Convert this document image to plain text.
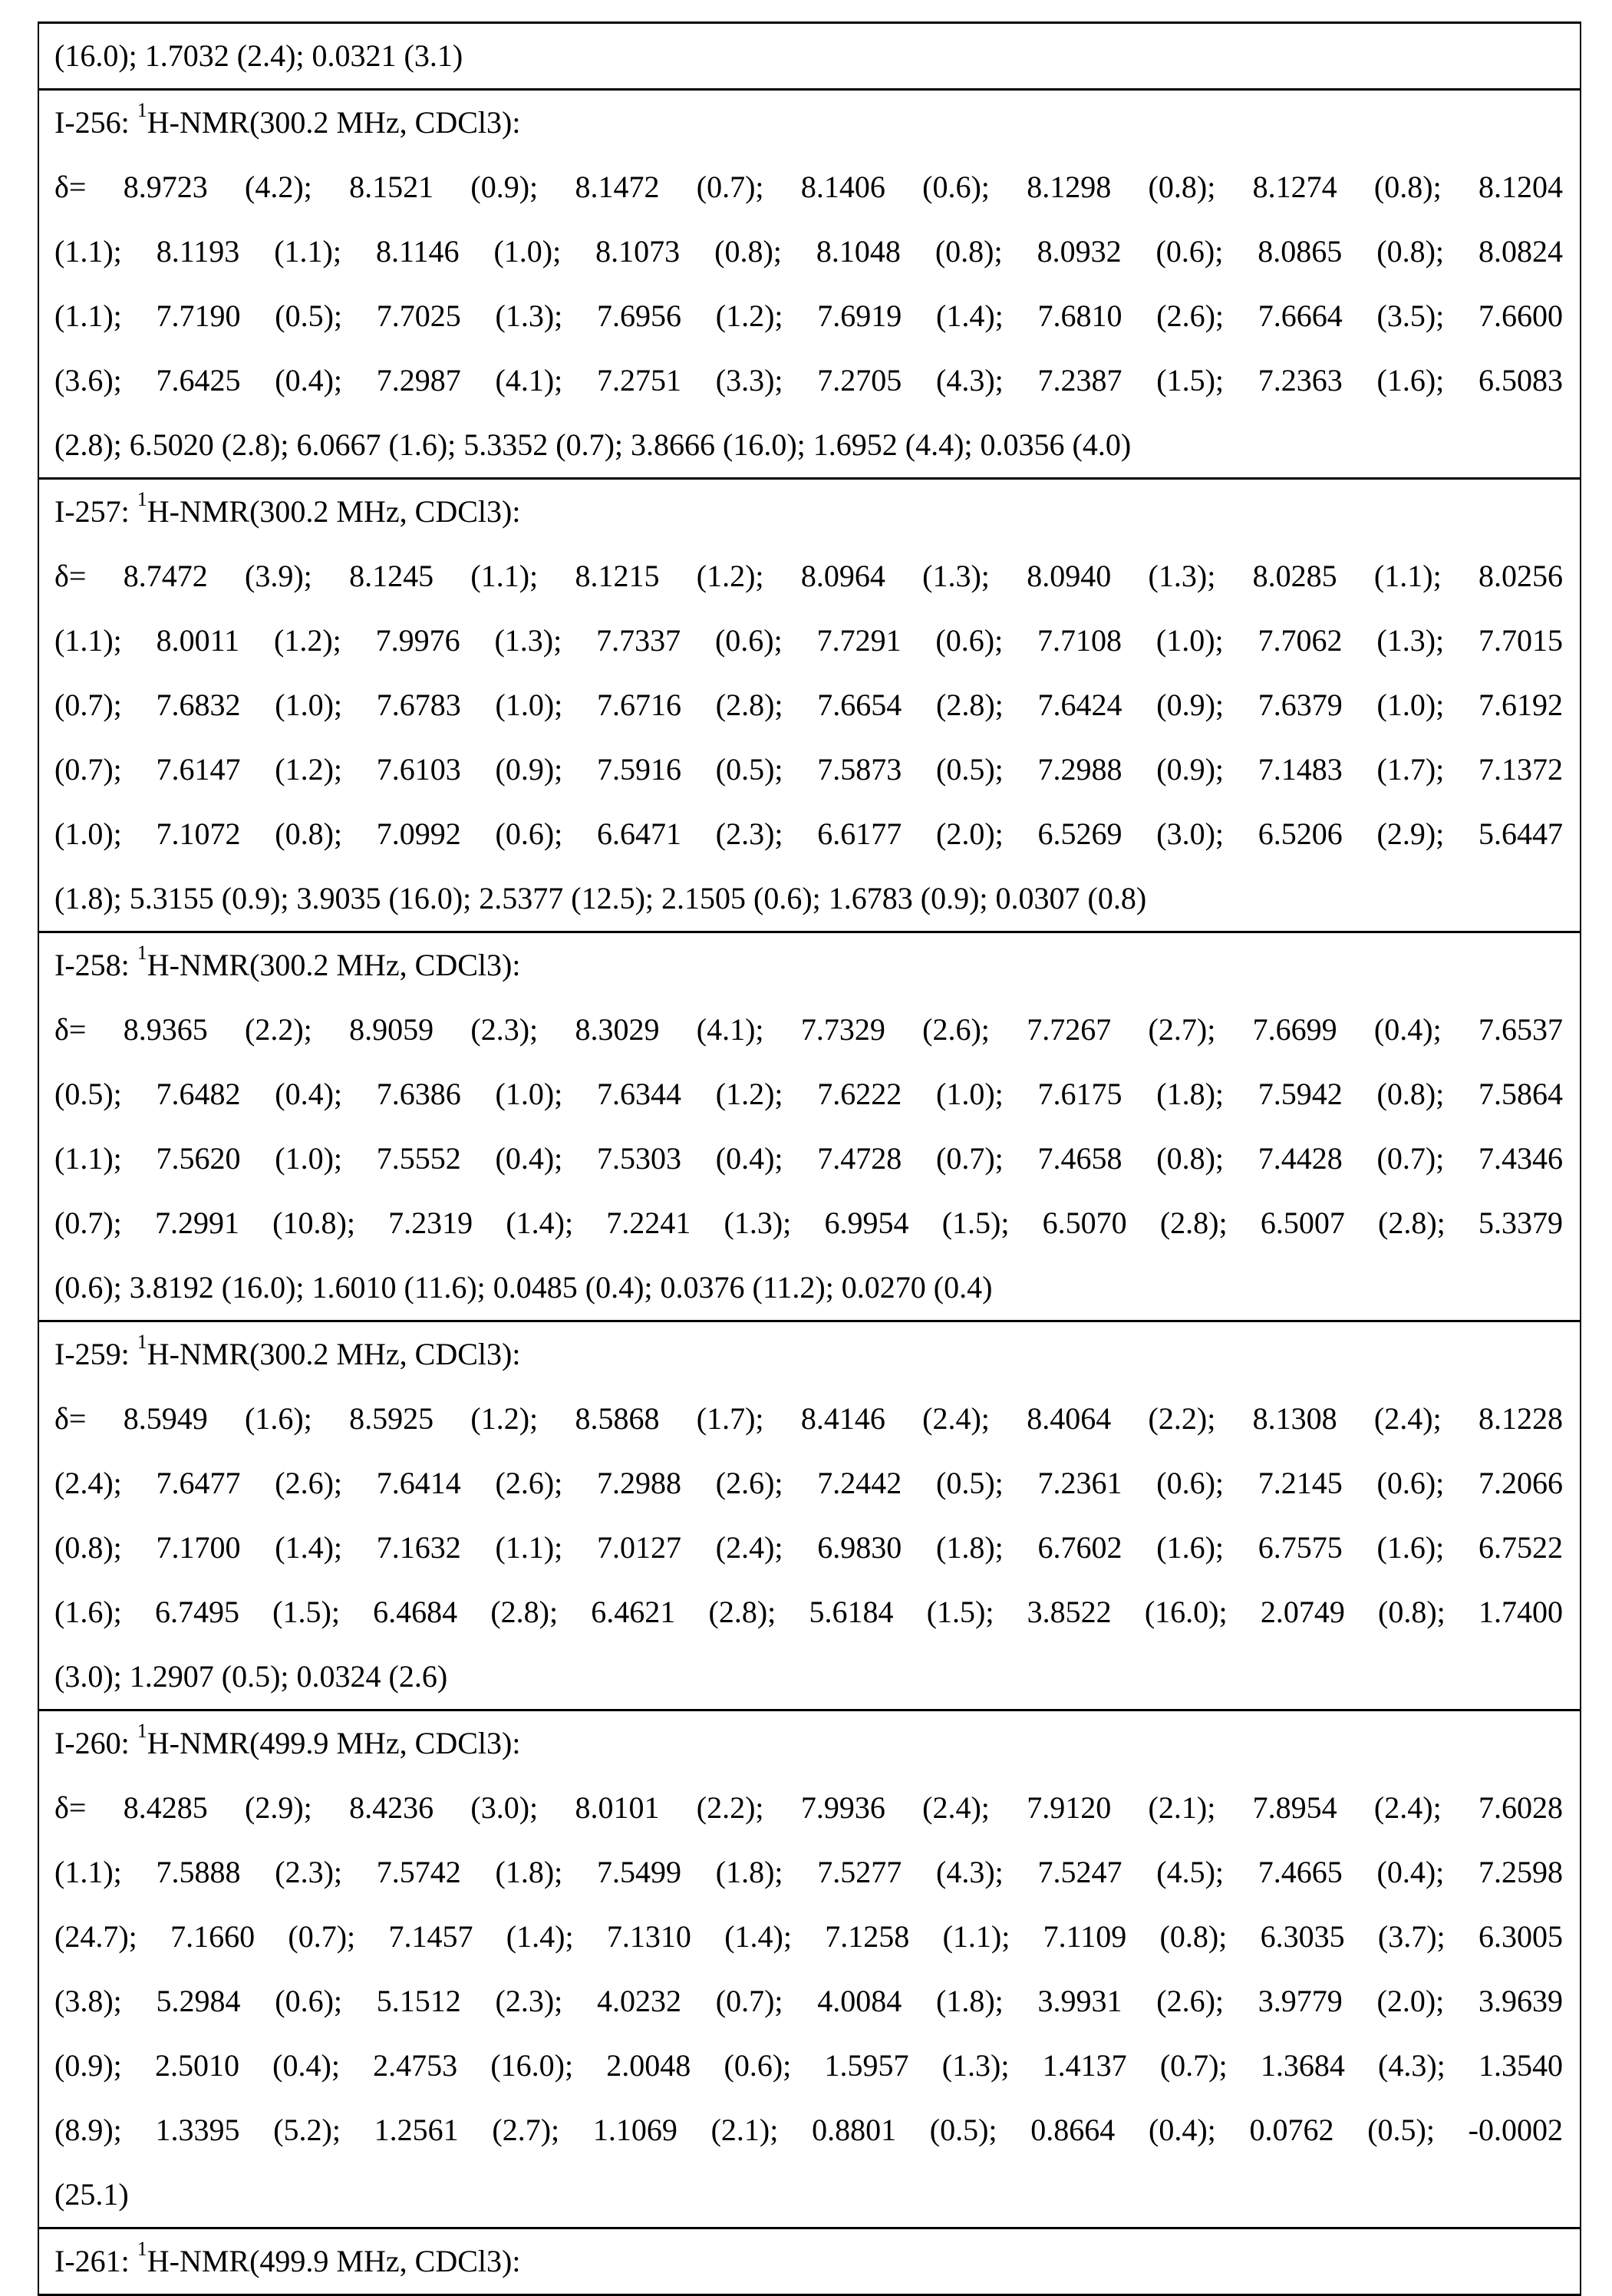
(16.0); 1.7032 (2.4); 0.0321 (3.1)
I-256: 1H-NMR(300.2 MHz, CDCl3):
δ= 8.9723 (4.2); 8.1521 (0.9); 8.1472 (0.7); 8.1406 (0.6); 8.1298 (0.8); 8.1274 (0.8); 8.1204
(1.1); 8.1193 (1.1); 8.1146 (1.0); 8.1073 (0.8); 8.1048 (0.8); 8.0932 (0.6); 8.0865 (0.8); 8.0824
(1.1); 7.7190 (0.5); 7.7025 (1.3); 7.6956 (1.2); 7.6919 (1.4); 7.6810 (2.6); 7.6664 (3.5); 7.6600
(3.6); 7.6425 (0.4); 7.2987 (4.1); 7.2751 (3.3); 7.2705 (4.3); 7.2387 (1.5); 7.2363 (1.6); 6.5083
(2.8); 6.5020 (2.8); 6.0667 (1.6); 5.3352 (0.7); 3.8666 (16.0); 1.6952 (4.4); 0.0356 (4.0)
I-257: 1H-NMR(300.2 MHz, CDCl3):
δ= 8.7472 (3.9); 8.1245 (1.1); 8.1215 (1.2); 8.0964 (1.3); 8.0940 (1.3); 8.0285 (1.1); 8.0256
(1.1); 8.0011 (1.2); 7.9976 (1.3); 7.7337 (0.6); 7.7291 (0.6); 7.7108 (1.0); 7.7062 (1.3); 7.7015
(0.7); 7.6832 (1.0); 7.6783 (1.0); 7.6716 (2.8); 7.6654 (2.8); 7.6424 (0.9); 7.6379 (1.0); 7.6192
(0.7); 7.6147 (1.2); 7.6103 (0.9); 7.5916 (0.5); 7.5873 (0.5); 7.2988 (0.9); 7.1483 (1.7); 7.1372
(1.0); 7.1072 (0.8); 7.0992 (0.6); 6.6471 (2.3); 6.6177 (2.0); 6.5269 (3.0); 6.5206 (2.9); 5.6447
(1.8); 5.3155 (0.9); 3.9035 (16.0); 2.5377 (12.5); 2.1505 (0.6); 1.6783 (0.9); 0.0307 (0.8)
I-258: 1H-NMR(300.2 MHz, CDCl3):
δ= 8.9365 (2.2); 8.9059 (2.3); 8.3029 (4.1); 7.7329 (2.6); 7.7267 (2.7); 7.6699 (0.4); 7.6537
(0.5); 7.6482 (0.4); 7.6386 (1.0); 7.6344 (1.2); 7.6222 (1.0); 7.6175 (1.8); 7.5942 (0.8); 7.5864
(1.1); 7.5620 (1.0); 7.5552 (0.4); 7.5303 (0.4); 7.4728 (0.7); 7.4658 (0.8); 7.4428 (0.7); 7.4346
(0.7); 7.2991 (10.8); 7.2319 (1.4); 7.2241 (1.3); 6.9954 (1.5); 6.5070 (2.8); 6.5007 (2.8); 5.3379
(0.6); 3.8192 (16.0); 1.6010 (11.6); 0.0485 (0.4); 0.0376 (11.2); 0.0270 (0.4)
I-259: 1H-NMR(300.2 MHz, CDCl3):
δ= 8.5949 (1.6); 8.5925 (1.2); 8.5868 (1.7); 8.4146 (2.4); 8.4064 (2.2); 8.1308 (2.4); 8.1228
(2.4); 7.6477 (2.6); 7.6414 (2.6); 7.2988 (2.6); 7.2442 (0.5); 7.2361 (0.6); 7.2145 (0.6); 7.2066
(0.8); 7.1700 (1.4); 7.1632 (1.1); 7.0127 (2.4); 6.9830 (1.8); 6.7602 (1.6); 6.7575 (1.6); 6.7522
(1.6); 6.7495 (1.5); 6.4684 (2.8); 6.4621 (2.8); 5.6184 (1.5); 3.8522 (16.0); 2.0749 (0.8); 1.7400
(3.0); 1.2907 (0.5); 0.0324 (2.6)
I-260: 1H-NMR(499.9 MHz, CDCl3):
δ= 8.4285 (2.9); 8.4236 (3.0); 8.0101 (2.2); 7.9936 (2.4); 7.9120 (2.1); 7.8954 (2.4); 7.6028
(1.1); 7.5888 (2.3); 7.5742 (1.8); 7.5499 (1.8); 7.5277 (4.3); 7.5247 (4.5); 7.4665 (0.4); 7.2598
(24.7); 7.1660 (0.7); 7.1457 (1.4); 7.1310 (1.4); 7.1258 (1.1); 7.1109 (0.8); 6.3035 (3.7); 6.3005
(3.8); 5.2984 (0.6); 5.1512 (2.3); 4.0232 (0.7); 4.0084 (1.8); 3.9931 (2.6); 3.9779 (2.0); 3.9639
(0.9); 2.5010 (0.4); 2.4753 (16.0); 2.0048 (0.6); 1.5957 (1.3); 1.4137 (0.7); 1.3684 (4.3); 1.3540
(8.9); 1.3395 (5.2); 1.2561 (2.7); 1.1069 (2.1); 0.8801 (0.5); 0.8664 (0.4); 0.0762 (0.5); -0.0002
(25.1)
I-261: 1H-NMR(499.9 MHz, CDCl3):
